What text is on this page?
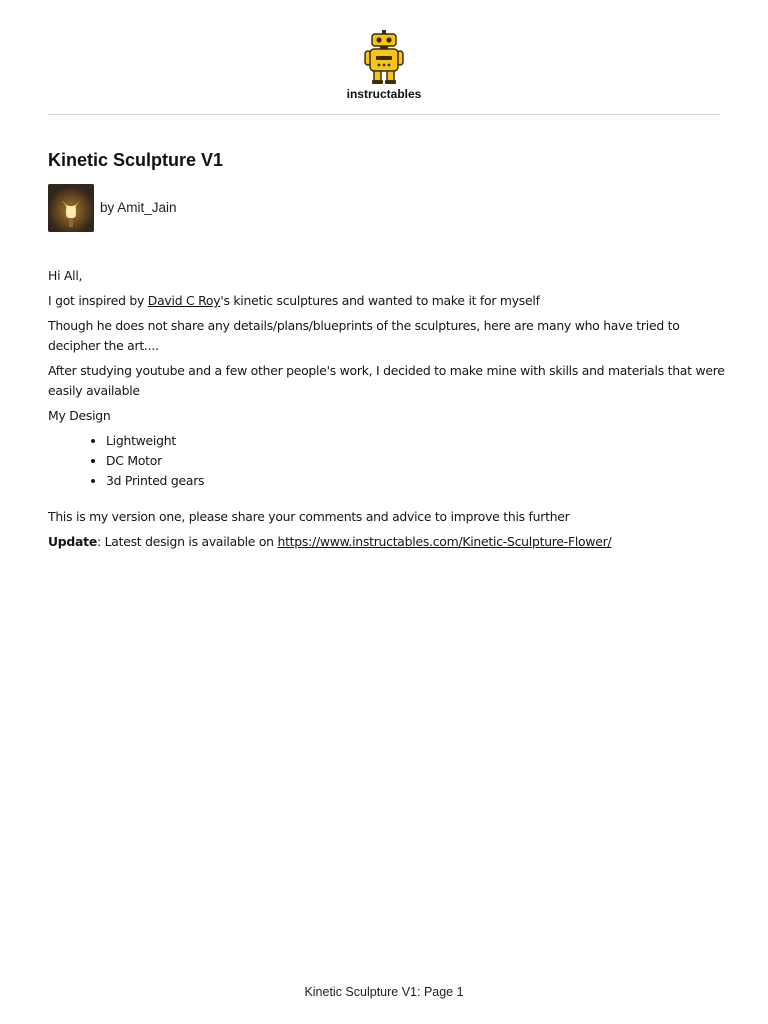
instructables
Kinetic Sculpture V1
by Amit_Jain

Hi All,

I got inspired by David C Roy's kinetic sculptures and wanted to make it for myself

Though he does not share any details/plans/blueprints of the sculptures, here are many who have tried to decipher the art....

After studying youtube and a few other people's work, I decided to make mine with skills and materials that were easily available

My Design

• Lightweight
• DC Motor
• 3d Printed gears

This is my version one, please share your comments and advice to improve this further

Update: Latest design is available on https://www.instructables.com/Kinetic-Sculpture-Flower/

Kinetic Sculpture V1: Page 1
